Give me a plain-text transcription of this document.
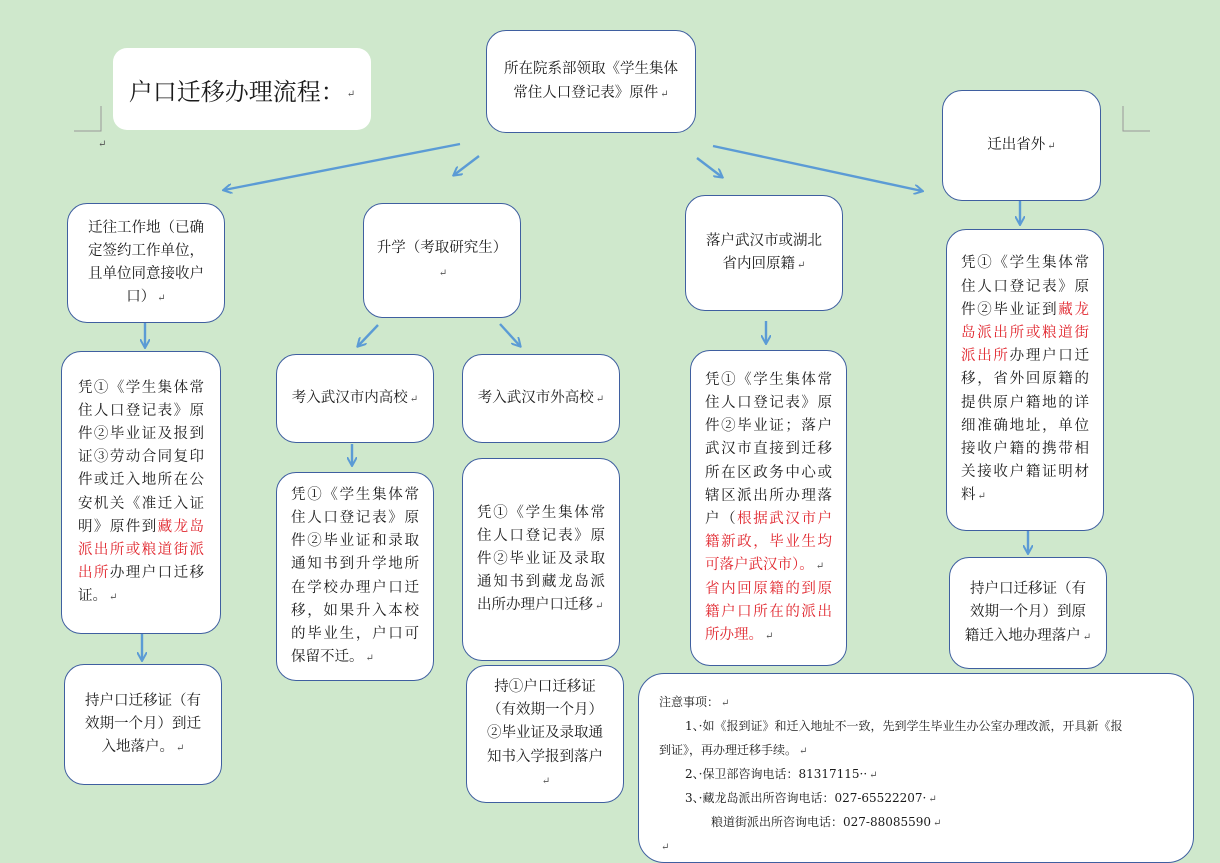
↵
户口迁移办理流程： ↵
所在院系部领取《学生集体常住人口登记表》原件 ↵
迁出省外 ↵
迁往工作地（已确定签约工作单位，且单位同意接收户口） ↵
升学（考取研究生）↵
落户武汉市或湖北省内回原籍 ↵
凭①《学生集体常住人口登记表》原件②毕业证及报到证③劳动合同复印件或迁入地所在公安机关《准迁入证明》原件到藏龙岛派出所或粮道街派出所办理户口迁移证。 ↵
持户口迁移证（有效期一个月）到迁入地落户。 ↵
考入武汉市内高校 ↵	考入武汉市外高校 ↵
凭①《学生集体常住人口登记表》原件②毕业证和录取通知书到升学地所在学校办理户口迁移，如果升入本校的毕业生，户口可保留不迁。 ↵
凭①《学生集体常住人口登记表》原件②毕业证及录取通知书到藏龙岛派出所办理户口迁移 ↵
持①户口迁移证（有效期一个月）②毕业证及录取通知书入学报到落户↵
凭①《学生集体常住人口登记表》原件②毕业证；落户武汉市直接到迁移所在区政务中心或辖区派出所办理落户（根据武汉市户籍新政，毕业生均可落户武汉市）。 ↵
省内回原籍的到原籍户口所在的派出所办理。 ↵
凭①《学生集体常住人口登记表》原件②毕业证到藏龙岛派出所或粮道街派出所办理户口迁移，省外回原籍的提供原户籍地的详细准确地址，单位接收户籍的携带相关接收户籍证明材料 ↵
持户口迁移证（有效期一个月）到原籍迁入地办理落户 ↵
注意事项： ↵
1、·如《报到证》和迁入地址不一致，先到学生毕业生办公室办理改派，开具新《报
到证》，再办理迁移手续。 ↵
2、·保卫部咨询电话：81317115·· ↵
3、·藏龙岛派出所咨询电话：027-65522207· ↵
粮道街派出所咨询电话：027-88085590 ↵
↵
